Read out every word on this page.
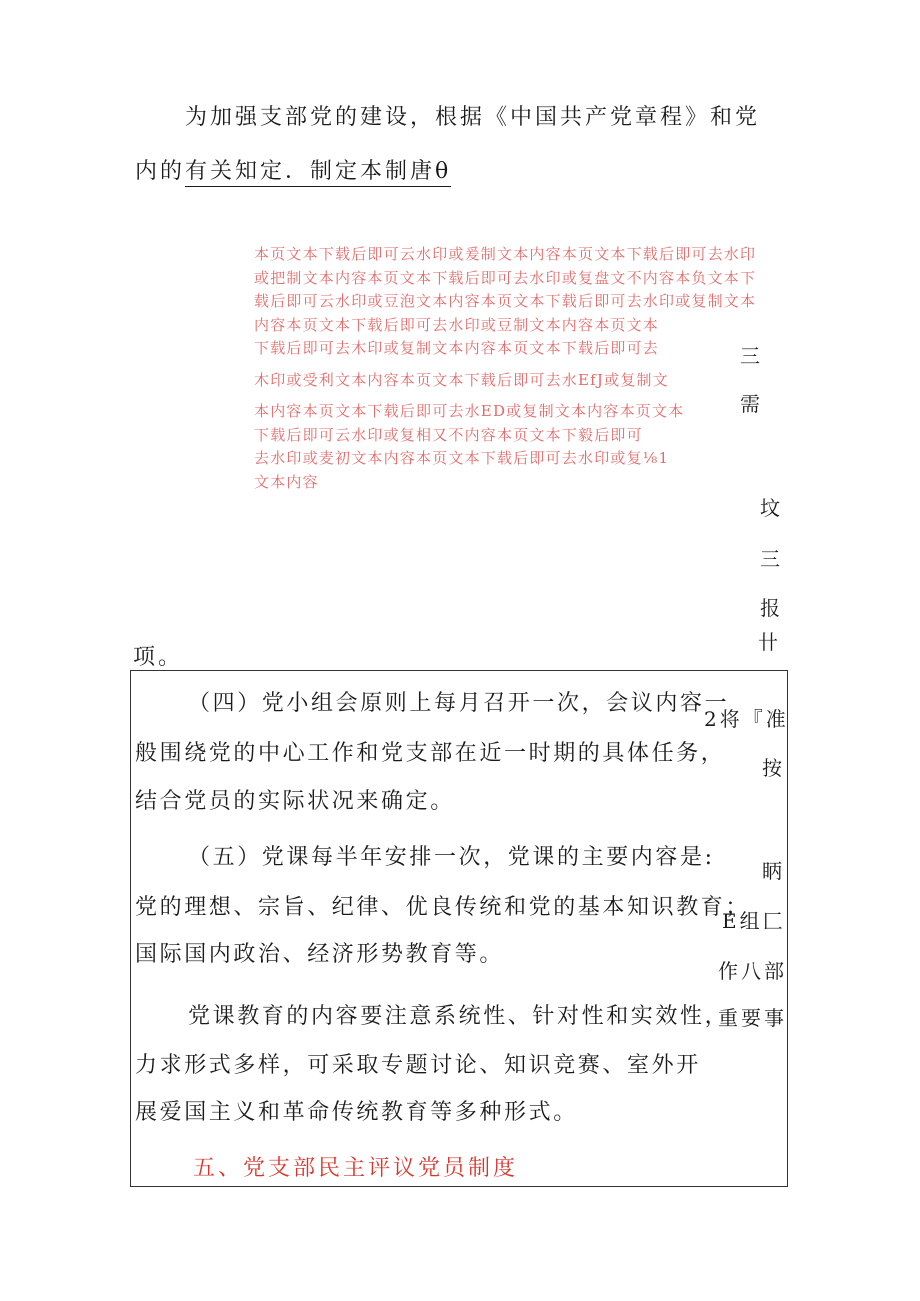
为加强支部党的建设，根据《中国共产党章程》和党
内的有关知定．制定本制唐θ
本页文本下载后即可云水印或爰制文本内容本页文本下载后即可去水印
或把制文本内容本页文本下载后即可去水印或复盘文不内容本负文本下
载后即可云水印或豆泡文本内容本页文本下载后即可去水印或复制文本
内容本页文本下载后即可去水印或豆制文本内容本页文本
下载后即可去木印或复制文本内容本页文本下载后即可去
木印或受利文本内容本页文本下载后即可去水EfJ或复制文
本内容本页文本下载后即可去水ED或复制文本内容本页文本
下载后即可云水印或复相又不内容本页文本下毅后即可
去水印或麦初文本内容本页文本下载后即可去水印或复⅛1
文本内容
三
需
坟
三
报
卄
项。
（四）党小组会原则上每月召开一次，会议内容一
般围绕党的中心工作和党支部在近一时期的具体任务，
结合党员的实际状况来确定。
（五）党课每半年安排一次，党课的主要内容是:
党的理想、宗旨、纪律、优良传统和党的基本知识教育；
国际国内政治、经济形势教育等。
党课教育的内容要注意系统性、针对性和实效性，
力求形式多样，可采取专题讨论、知识竞赛、室外开
展爱国主义和革命传统教育等多种形式。
五、党支部民主评议党员制度
2将『准
按
眪
E组匚
作八部
重要事
